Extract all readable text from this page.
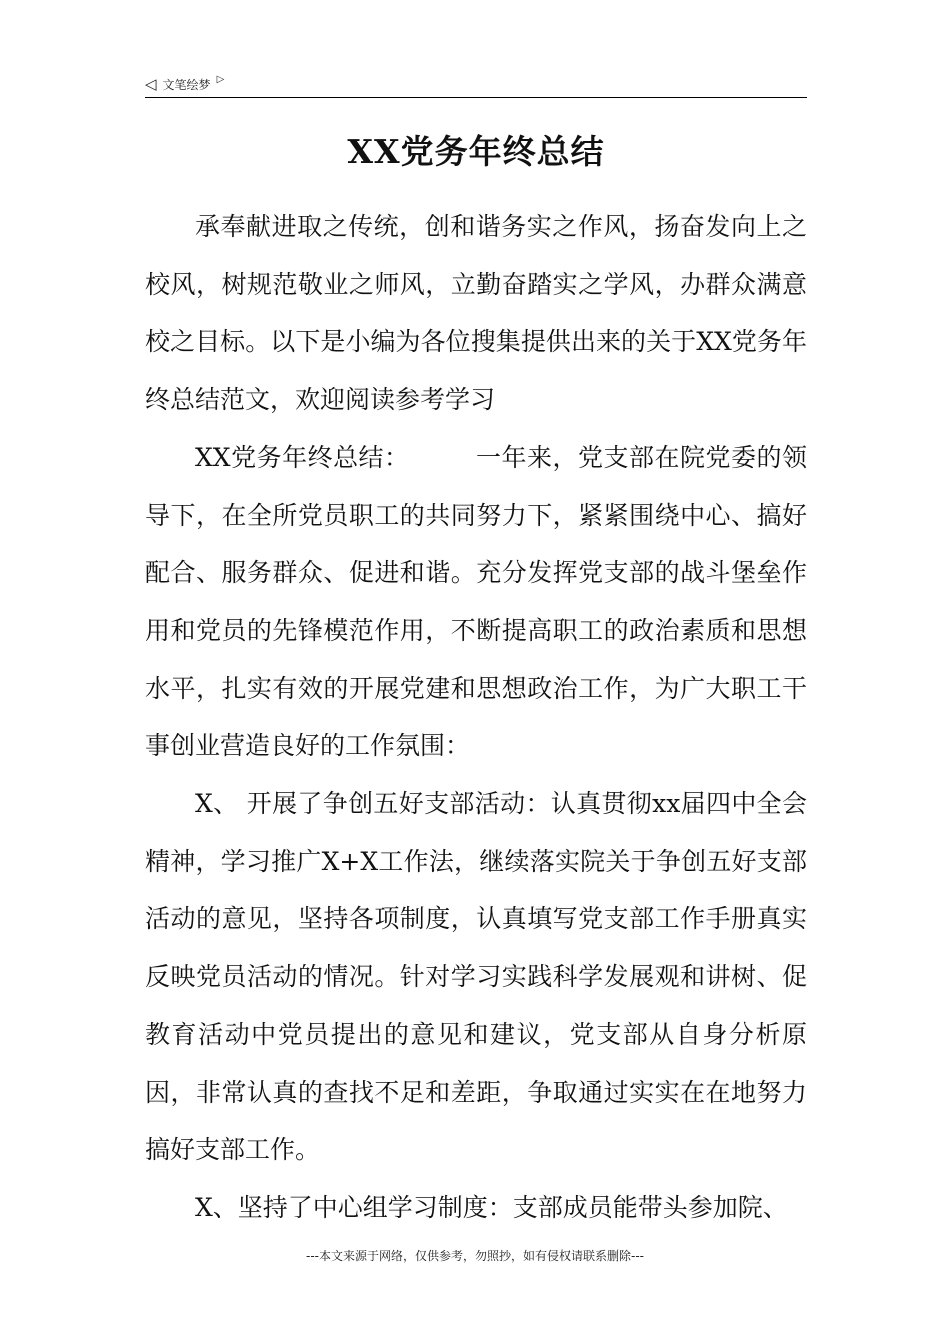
◁ 文笔绘梦 ▷
XX党务年终总结

承奉献进取之传统，创和谐务实之作风，扬奋发向上之校风，树规范敬业之师风，立勤奋踏实之学风，办群众满意校之目标。以下是小编为各位搜集提供出来的关于XX党务年终总结范文，欢迎阅读参考学习

XX党务年终总结：	一年来，党支部在院党委的领导下，在全所党员职工的共同努力下，紧紧围绕中心、搞好配合、服务群众、促进和谐。充分发挥党支部的战斗堡垒作用和党员的先锋模范作用，不断提高职工的政治素质和思想水平，扎实有效的开展党建和思想政治工作，为广大职工干事创业营造良好的工作氛围：

X、 开展了争创五好支部活动：认真贯彻xx届四中全会精神，学习推广X+X工作法，继续落实院关于争创五好支部活动的意见，坚持各项制度，认真填写党支部工作手册真实反映党员活动的情况。针对学习实践科学发展观和讲树、促教育活动中党员提出的意见和建议，党支部从自身分析原因，非常认真的查找不足和差距，争取通过实实在在地努力搞好支部工作。

X、坚持了中心组学习制度：支部成员能带头参加院、

---本文来源于网络，仅供参考，勿照抄，如有侵权请联系删除---
